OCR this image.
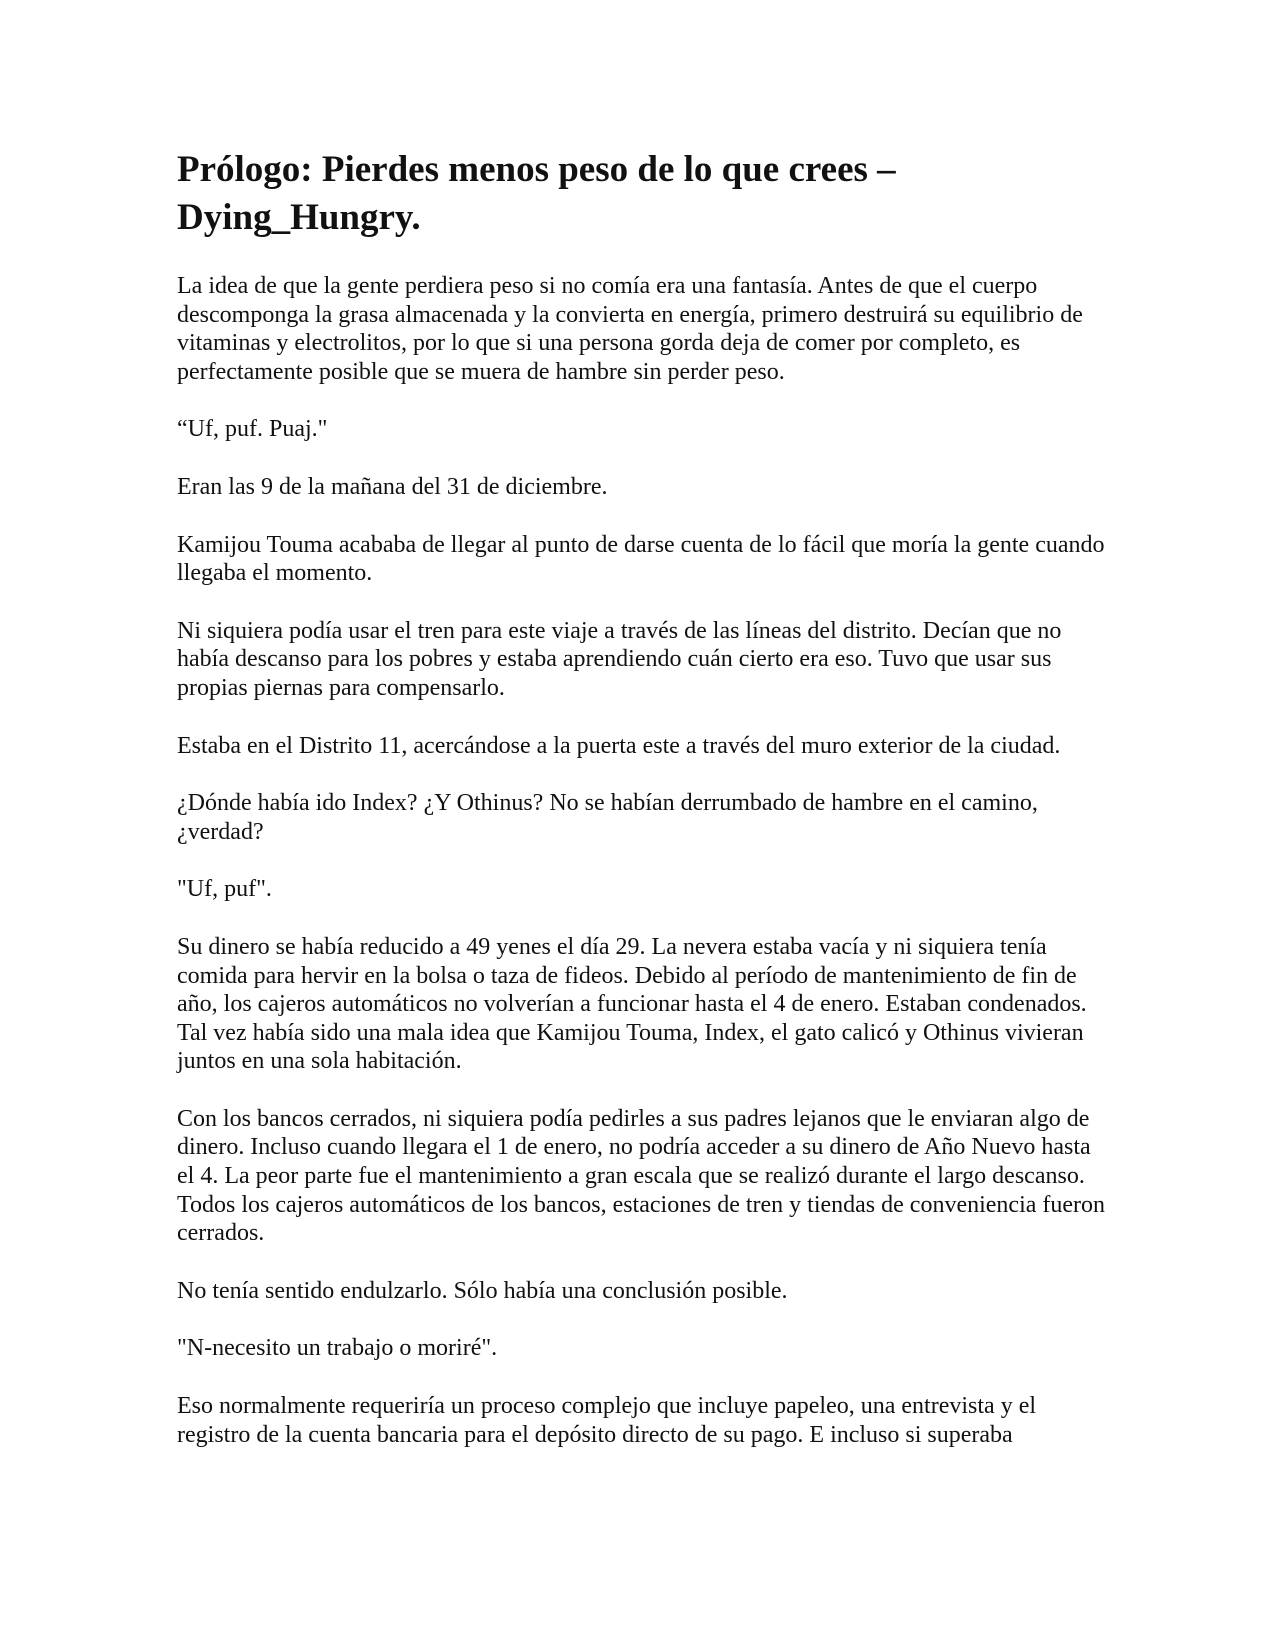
Prólogo: Pierdes menos peso de lo que crees – Dying_Hungry.

La idea de que la gente perdiera peso si no comía era una fantasía. Antes de que el cuerpo descomponga la grasa almacenada y la convierta en energía, primero destruirá su equilibrio de vitaminas y electrolitos, por lo que si una persona gorda deja de comer por completo, es perfectamente posible que se muera de hambre sin perder peso.

“Uf, puf. Puaj."

Eran las 9 de la mañana del 31 de diciembre.

Kamijou Touma acababa de llegar al punto de darse cuenta de lo fácil que moría la gente cuando llegaba el momento.

Ni siquiera podía usar el tren para este viaje a través de las líneas del distrito. Decían que no había descanso para los pobres y estaba aprendiendo cuán cierto era eso. Tuvo que usar sus propias piernas para compensarlo.

Estaba en el Distrito 11, acercándose a la puerta este a través del muro exterior de la ciudad.

¿Dónde había ido Index? ¿Y Othinus? No se habían derrumbado de hambre en el camino, ¿verdad?

"Uf, puf".

Su dinero se había reducido a 49 yenes el día 29. La nevera estaba vacía y ni siquiera tenía comida para hervir en la bolsa o taza de fideos. Debido al período de mantenimiento de fin de año, los cajeros automáticos no volverían a funcionar hasta el 4 de enero. Estaban condenados. Tal vez había sido una mala idea que Kamijou Touma, Index, el gato calicó y Othinus vivieran juntos en una sola habitación.

Con los bancos cerrados, ni siquiera podía pedirles a sus padres lejanos que le enviaran algo de dinero. Incluso cuando llegara el 1 de enero, no podría acceder a su dinero de Año Nuevo hasta el 4. La peor parte fue el mantenimiento a gran escala que se realizó durante el largo descanso. Todos los cajeros automáticos de los bancos, estaciones de tren y tiendas de conveniencia fueron cerrados.

No tenía sentido endulzarlo. Sólo había una conclusión posible.

"N-necesito un trabajo o moriré".

Eso normalmente requeriría un proceso complejo que incluye papeleo, una entrevista y el registro de la cuenta bancaria para el depósito directo de su pago. E incluso si superaba
